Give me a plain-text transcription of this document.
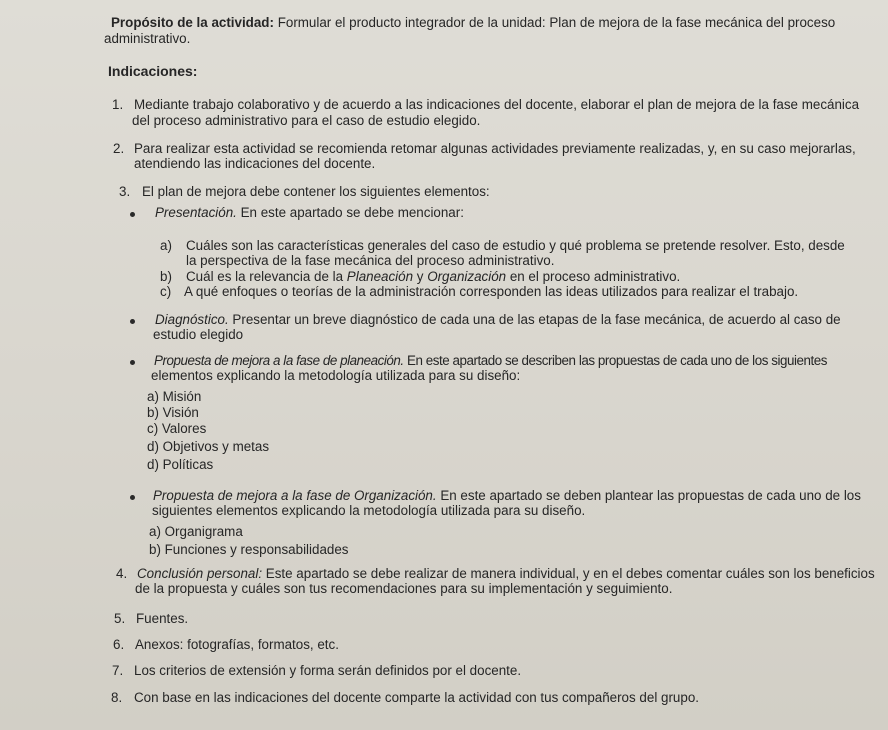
Propósito de la actividad: Formular el producto integrador de la unidad: Plan de mejora de la fase mecánica del proceso
administrativo.
Indicaciones:
1. Mediante trabajo colaborativo y de acuerdo a las indicaciones del docente, elaborar el plan de mejora de la fase mecánica
del proceso administrativo para el caso de estudio elegido.
2. Para realizar esta actividad se recomienda retomar algunas actividades previamente realizadas, y, en su caso mejorarlas,
atendiendo las indicaciones del docente.
3. El plan de mejora debe contener los siguientes elementos:
Presentación. En este apartado se debe mencionar:
a) Cuáles son las características generales del caso de estudio y qué problema se pretende resolver. Esto, desde
la perspectiva de la fase mecánica del proceso administrativo.
b) Cuál es la relevancia de la Planeación y Organización en el proceso administrativo.
c) A qué enfoques o teorías de la administración corresponden las ideas utilizados para realizar el trabajo.
Diagnóstico. Presentar un breve diagnóstico de cada una de las etapas de la fase mecánica, de acuerdo al caso de
estudio elegido
Propuesta de mejora a la fase de planeación. En este apartado se describen las propuestas de cada uno de los siguientes
elementos explicando la metodología utilizada para su diseño:
a) Misión
b) Visión
c) Valores
d) Objetivos y metas
d) Políticas
Propuesta de mejora a la fase de Organización. En este apartado se deben plantear las propuestas de cada uno de los
siguientes elementos explicando la metodología utilizada para su diseño.
a) Organigrama
b) Funciones y responsabilidades
4. Conclusión personal: Este apartado se debe realizar de manera individual, y en el debes comentar cuáles son los beneficios
de la propuesta y cuáles son tus recomendaciones para su implementación y seguimiento.
5. Fuentes.
6. Anexos: fotografías, formatos, etc.
7. Los criterios de extensión y forma serán definidos por el docente.
8. Con base en las indicaciones del docente comparte la actividad con tus compañeros del grupo.
